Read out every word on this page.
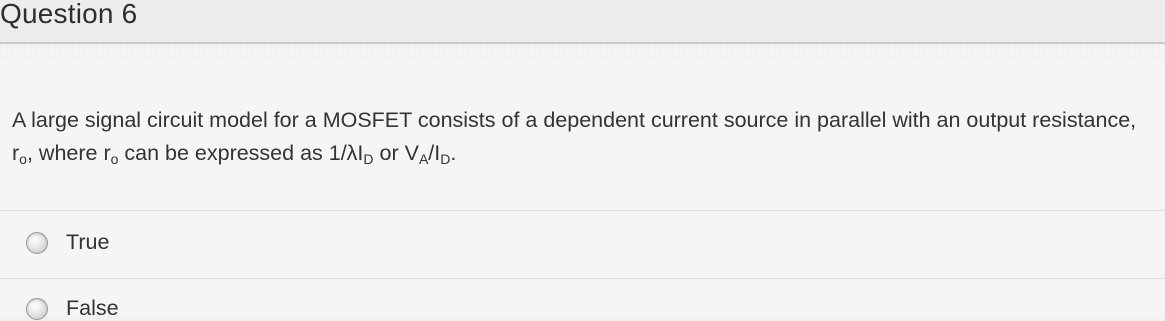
Question 6
A large signal circuit model for a MOSFET consists of a dependent current source in parallel with an output resistance, $r_o$, where $r_o$ can be expressed as $1/\lambda I_D$ or $V_A/I_D$.
True
False
